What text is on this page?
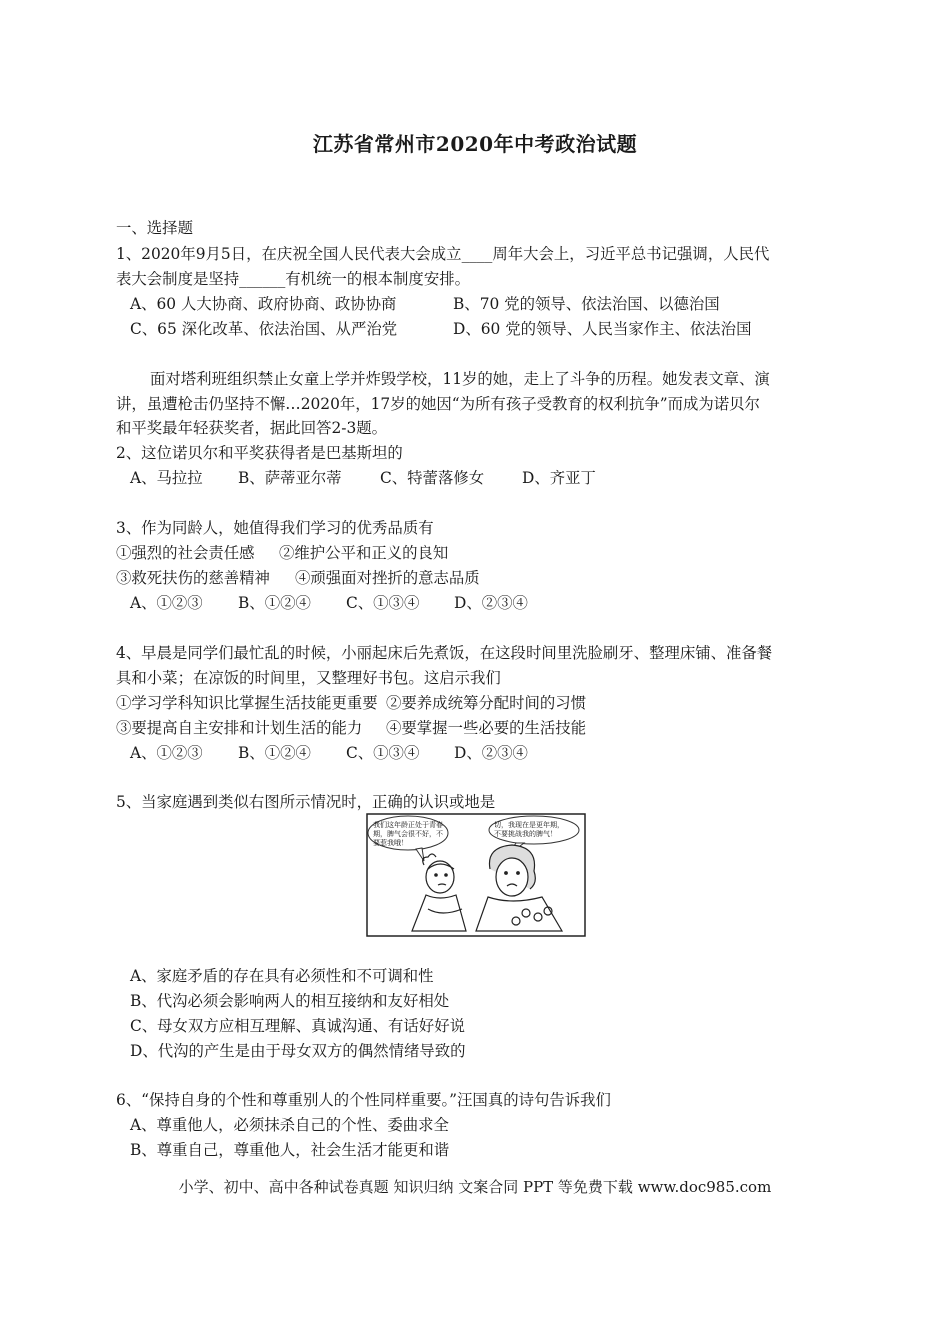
江苏省常州市2020年中考政治试题
一、选择题
1、2020年9月5日，在庆祝全国人民代表大会成立____周年大会上，习近平总书记强调，人民代
表大会制度是坚持______有机统一的根本制度安排。
A、60 人大协商、政府协商、政协协商	B、70 党的领导、依法治国、以德治国
C、65 深化改革、依法治国、从严治党	D、60 党的领导、人民当家作主、依法治国
面对塔利班组织禁止女童上学并炸毁学校，11岁的她，走上了斗争的历程。她发表文章、演
讲，虽遭枪击仍坚持不懈…2020年，17岁的她因“为所有孩子受教育的权利抗争”而成为诺贝尔
和平奖最年轻获奖者，据此回答2-3题。
2、这位诺贝尔和平奖获得者是巴基斯坦的
A、马拉拉 B、萨蒂亚尔蒂 C、特蕾落修女 D、齐亚丁
3、作为同龄人，她值得我们学习的优秀品质有
①强烈的社会责任感 ②维护公平和正义的良知
③救死扶伤的慈善精神 ④顽强面对挫折的意志品质
A、①②③ B、①②④ C、①③④ D、②③④
4、早晨是同学们最忙乱的时候，小丽起床后先煮饭，在这段时间里洗脸刷牙、整理床铺、准备餐
具和小菜；在凉饭的时间里，又整理好书包。这启示我们
①学习学科知识比掌握生活技能更重要 ②要养成统筹分配时间的习惯
③要提高自主安排和计划生活的能力 ④要掌握一些必要的生活技能
A、①②③ B、①②④ C、①③④ D、②③④
5、当家庭遇到类似右图所示情况时，正确的认识或地是
我们这年龄正处于青春
期，脾气会很不好，不
要惹我哦！
切，我现在是更年期，
不要挑战我的脾气！
A、家庭矛盾的存在具有必须性和不可调和性
B、代沟必须会影响两人的相互接纳和友好相处
C、母女双方应相互理解、真诚沟通、有话好好说
D、代沟的产生是由于母女双方的偶然情绪导致的
6、“保持自身的个性和尊重别人的个性同样重要。”汪国真的诗句告诉我们
A、尊重他人，必须抹杀自己的个性、委曲求全
B、尊重自己，尊重他人，社会生活才能更和谐
小学、初中、高中各种试卷真题 知识归纳 文案合同 PPT 等免费下载 www.doc985.com
